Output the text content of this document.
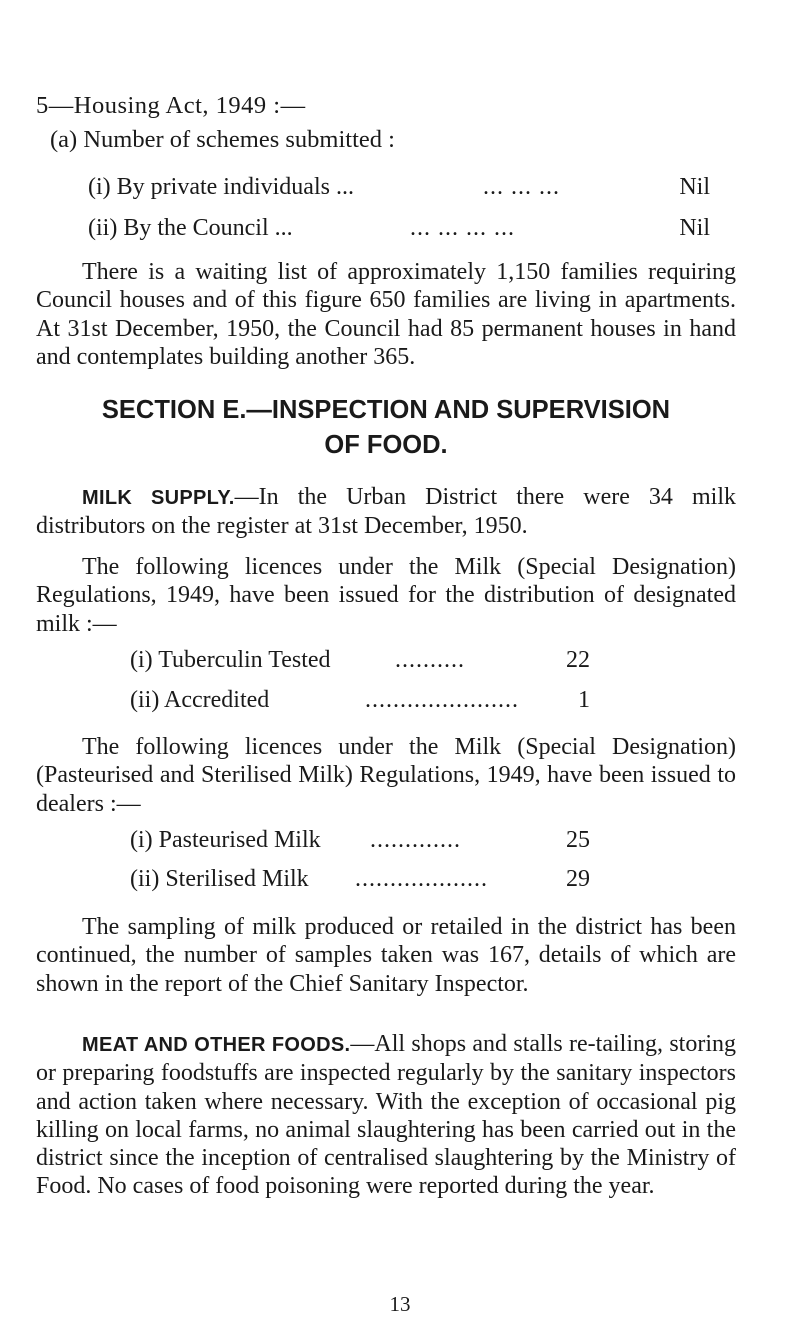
5—Housing Act, 1949 :—
(a) Number of schemes submitted :
(i) By private individuals ...	... ... ...	Nil
(ii) By the Council ...	... ... ... ...	Nil
There is a waiting list of approximately 1,150 families requiring Council houses and of this figure 650 families are living in apartments. At 31st December, 1950, the Council had 85 permanent houses in hand and contemplates building another 365.
SECTION E.—INSPECTION AND SUPERVISION
OF FOOD.
MILK SUPPLY.—In the Urban District there were 34 milk distributors on the register at 31st December, 1950.
The following licences under the Milk (Special Designation) Regulations, 1949, have been issued for the distribution of designated milk :—
(i) Tuberculin Tested	..........	22
(ii) Accredited	...................... 1
The following licences under the Milk (Special Designation) (Pasteurised and Sterilised Milk) Regulations, 1949, have been issued to dealers :—
(i) Pasteurised Milk .............	25
(ii) Sterilised Milk ...................	29
The sampling of milk produced or retailed in the district has been continued, the number of samples taken was 167, details of which are shown in the report of the Chief Sanitary Inspector.
MEAT AND OTHER FOODS.—All shops and stalls re-tailing, storing or preparing foodstuffs are inspected regularly by the sanitary inspectors and action taken where necessary. With the exception of occasional pig killing on local farms, no animal slaughtering has been carried out in the district since the inception of centralised slaughtering by the Ministry of Food. No cases of food poisoning were reported during the year.
13
